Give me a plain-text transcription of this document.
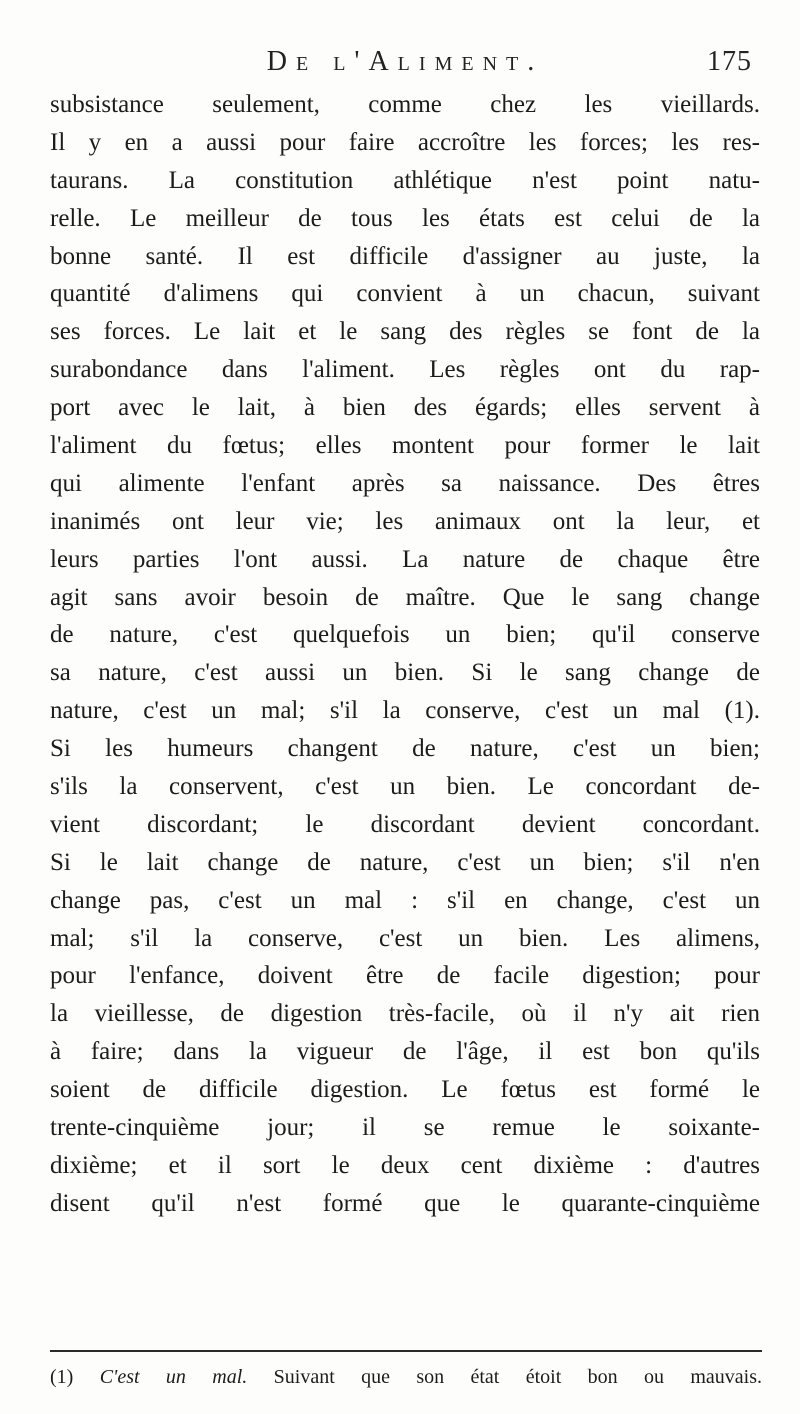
De l'Aliment.	175
subsistance seulement, comme chez les vieillards.
Il y en a aussi pour faire accroître les forces; les res-
taurans. La constitution athlétique n'est point natu-
relle. Le meilleur de tous les états est celui de la
bonne santé. Il est difficile d'assigner au juste, la
quantité d'alimens qui convient à un chacun, suivant
ses forces. Le lait et le sang des règles se font de la
surabondance dans l'aliment. Les règles ont du rap-
port avec le lait, à bien des égards; elles servent à
l'aliment du fœtus; elles montent pour former le lait
qui alimente l'enfant après sa naissance. Des êtres
inanimés ont leur vie; les animaux ont la leur, et
leurs parties l'ont aussi. La nature de chaque être
agit sans avoir besoin de maître. Que le sang change
de nature, c'est quelquefois un bien; qu'il conserve
sa nature, c'est aussi un bien. Si le sang change de
nature, c'est un mal; s'il la conserve, c'est un mal (1).
Si les humeurs changent de nature, c'est un bien;
s'ils la conservent, c'est un bien. Le concordant de-
vient discordant; le discordant devient concordant.
Si le lait change de nature, c'est un bien; s'il n'en
change pas, c'est un mal : s'il en change, c'est un
mal; s'il la conserve, c'est un bien. Les alimens,
pour l'enfance, doivent être de facile digestion; pour
la vieillesse, de digestion très-facile, où il n'y ait rien
à faire; dans la vigueur de l'âge, il est bon qu'ils
soient de difficile digestion. Le fœtus est formé le
trente-cinquième jour; il se remue le soixante-
dixième; et il sort le deux cent dixième : d'autres
disent qu'il n'est formé que le quarante-cinquième
(1) C'est un mal. Suivant que son état étoit bon ou mauvais.
